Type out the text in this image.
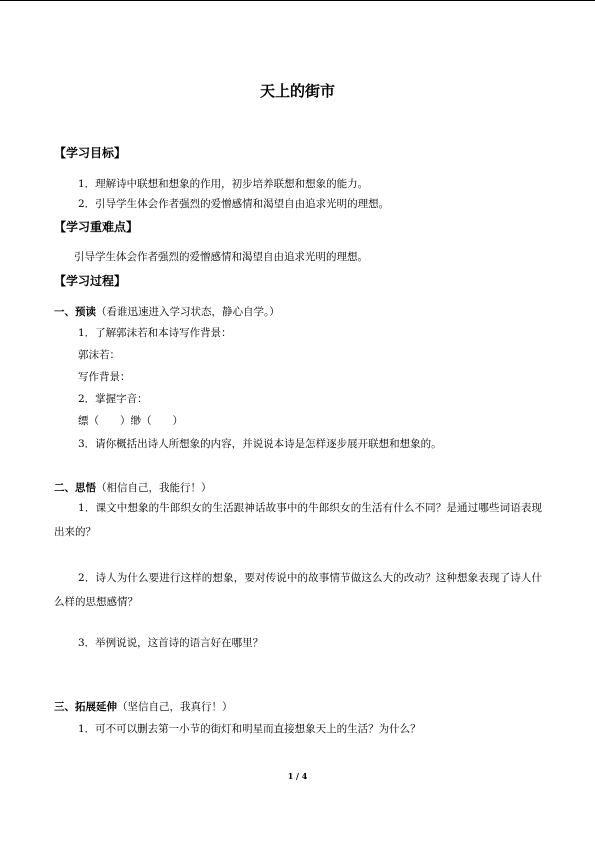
天上的街市
【学习目标】
1．理解诗中联想和想象的作用，初步培养联想和想象的能力。
2．引导学生体会作者强烈的爱憎感情和渴望自由追求光明的理想。
【学习重难点】
引导学生体会作者强烈的爱憎感情和渴望自由追求光明的理想。
【学习过程】
一、预读（看谁迅速进入学习状态，静心自学。）
1．了解郭沫若和本诗写作背景：
郭沫若：
写作背景：
2．掌握字音：
缥（　　）缈（　　）
3．请你概括出诗人所想象的内容，并说说本诗是怎样逐步展开联想和想象的。
二、思悟（相信自己，我能行！）
1．课文中想象的牛郎织女的生活跟神话故事中的牛郎织女的生活有什么不同？是通过哪些词语表现出来的？
2．诗人为什么要进行这样的想象，要对传说中的故事情节做这么大的改动？这种想象表现了诗人什么样的思想感情？
3．举例说说，这首诗的语言好在哪里？
三、拓展延伸（坚信自己，我真行！）
1．可不可以删去第一小节的街灯和明星而直接想象天上的生活？为什么？
1 / 4
